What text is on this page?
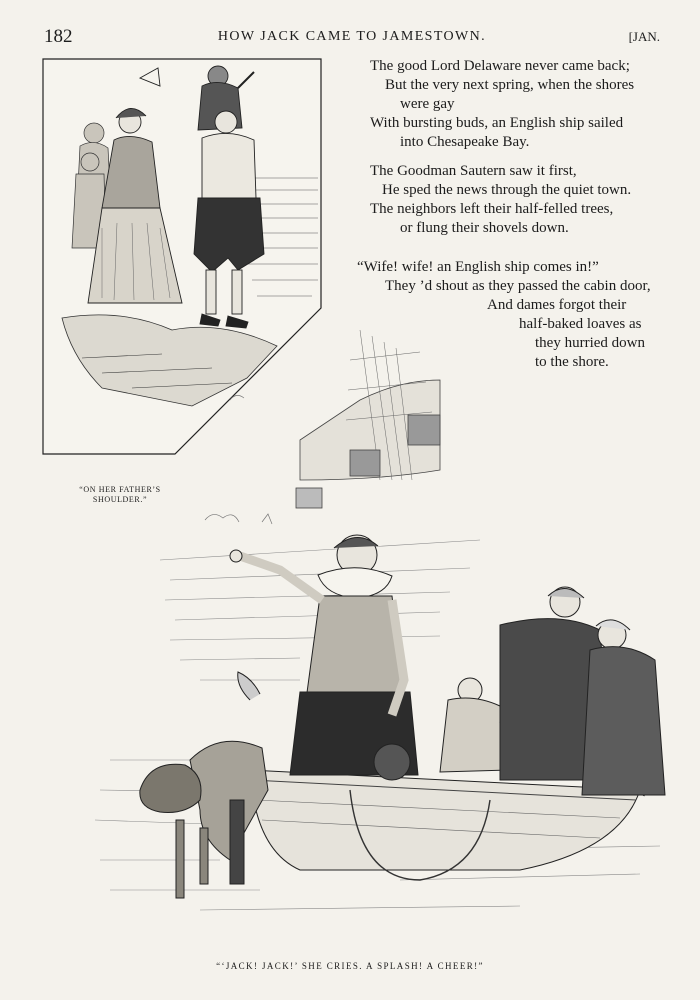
182	HOW JACK CAME TO JAMESTOWN.	[JAN.
“ON HER FATHER’S
SHOULDER.”
The good Lord Delaware never came back;
But the very next spring, when the shores
were gay
With bursting buds, an English ship sailed
into Chesapeake Bay.
The Goodman Sautern saw it first,
He sped the news through the quiet town.
The neighbors left their half-felled trees,
or flung their shovels down.
“Wife! wife! an English ship comes in!”
They ’d shout as they passed the cabin door,
And dames forgot their
half-baked loaves as
they hurried down
to the shore.
“‘JACK! JACK!’ SHE CRIES. A SPLASH! A CHEER!”
